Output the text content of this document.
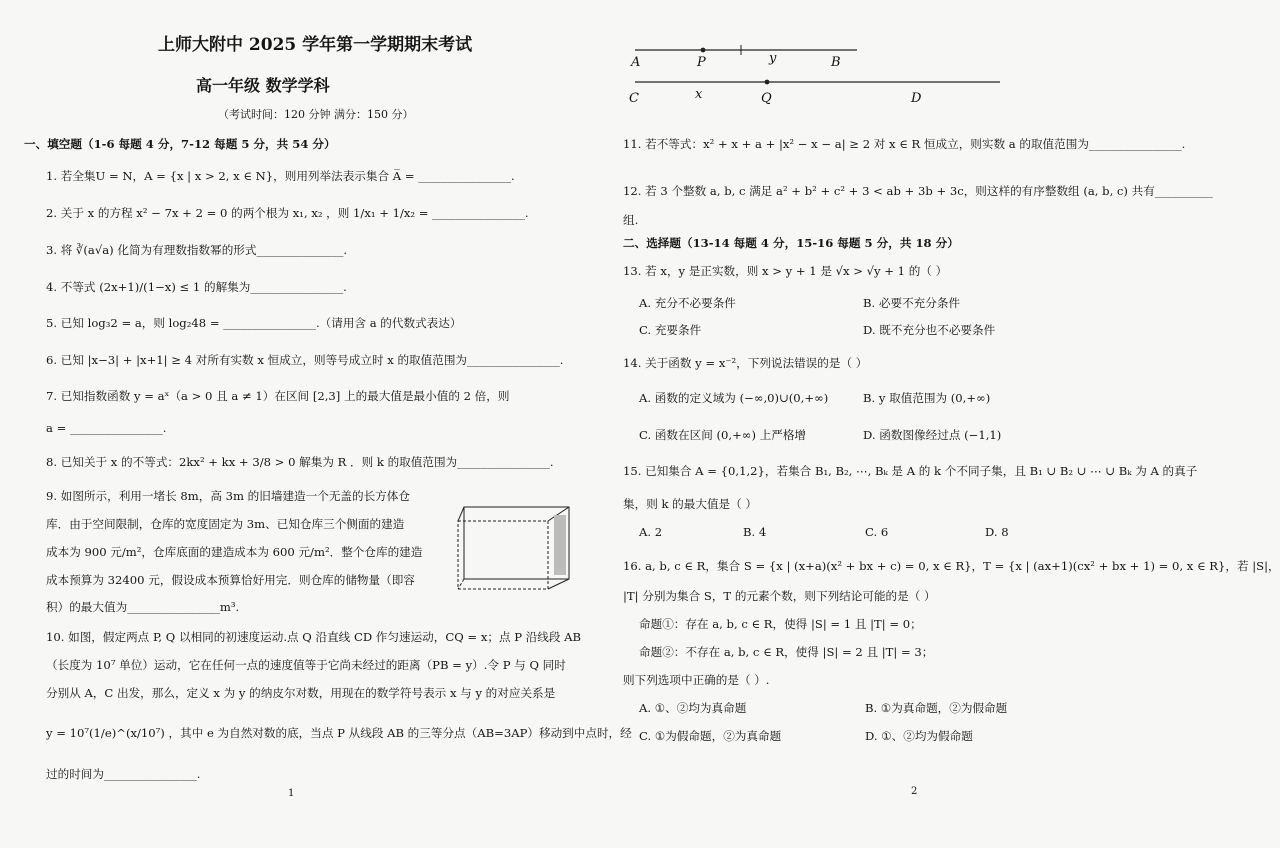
上师大附中 2025 学年第一学期期末考试
高一年级 数学学科
（考试时间：120 分钟 满分：150 分）
一、填空题（1-6 每题 4 分，7-12 每题 5 分，共 54 分）
1. 若全集U = N，A = {x | x > 2, x ∈ N}，则用列举法表示集合 A̅ = ________________.
2. 关于 x 的方程 x² − 7x + 2 = 0 的两个根为 x₁, x₂ ，则 1/x₁ + 1/x₂ = ________________.
3. 将 ∛(a√a) 化简为有理数指数幂的形式_______________.
4. 不等式 (2x+1)/(1−x) ≤ 1 的解集为________________.
5. 已知 log₃2 = a，则 log₂48 = ________________.（请用含 a 的代数式表达）
6. 已知 |x−3| + |x+1| ≥ 4 对所有实数 x 恒成立，则等号成立时 x 的取值范围为________________.
7. 已知指数函数 y = aˣ（a > 0 且 a ≠ 1）在区间 [2,3] 上的最大值是最小值的 2 倍，则
a = ________________.
8. 已知关于 x 的不等式：2kx² + kx + 3/8 > 0 解集为 R ．则 k 的取值范围为________________.
9. 如图所示，利用一堵长 8m，高 3m 的旧墙建造一个无盖的长方体仓
库．由于空间限制，仓库的宽度固定为 3m、已知仓库三个侧面的建造
成本为 900 元/m²，仓库底面的建造成本为 600 元/m²．整个仓库的建造
成本预算为 32400 元，假设成本预算恰好用完．则仓库的储物量（即容
积）的最大值为________________m³.
10. 如图，假定两点 P, Q 以相同的初速度运动.点 Q 沿直线 CD 作匀速运动，CQ = x；点 P 沿线段 AB
（长度为 10⁷ 单位）运动，它在任何一点的速度值等于它尚未经过的距离（PB = y）.令 P 与 Q 同时
分别从 A，C 出发，那么，定义 x 为 y 的纳皮尔对数，用现在的数学符号表示 x 与 y 的对应关系是
y = 10⁷(1/e)^(x/10⁷) ，其中 e 为自然对数的底，当点 P 从线段 AB 的三等分点（AB=3AP）移动到中点时，经
过的时间为________________.
1
A	P	y	B
C	x	Q	D
11. 若不等式：x² + x + a + |x² − x − a| ≥ 2 对 x ∈ R 恒成立，则实数 a 的取值范围为________________.
12. 若 3 个整数 a, b, c 满足 a² + b² + c² + 3 < ab + 3b + 3c，则这样的有序整数组 (a, b, c) 共有__________
组.
二、选择题（13-14 每题 4 分，15-16 每题 5 分，共 18 分）
13. 若 x，y 是正实数，则 x > y + 1 是 √x > √y + 1 的（ ）
A. 充分不必要条件	B. 必要不充分条件
C. 充要条件	D. 既不充分也不必要条件
14. 关于函数 y = x⁻²，下列说法错误的是（ ）
A. 函数的定义域为 (−∞,0)∪(0,+∞)	B. y 取值范围为 (0,+∞)
C. 函数在区间 (0,+∞) 上严格增	D. 函数图像经过点 (−1,1)
15. 已知集合 A = {0,1,2}，若集合 B₁, B₂, ⋯, Bₖ 是 A 的 k 个不同子集，且 B₁ ∪ B₂ ∪ ⋯ ∪ Bₖ 为 A 的真子
集，则 k 的最大值是（ ）
A. 2	B. 4	C. 6	D. 8
16. a, b, c ∈ R，集合 S = {x | (x+a)(x² + bx + c) = 0, x ∈ R}，T = {x | (ax+1)(cx² + bx + 1) = 0, x ∈ R}，若 |S|，
|T| 分别为集合 S，T 的元素个数，则下列结论可能的是（ ）
命题①：存在 a, b, c ∈ R，使得 |S| = 1 且 |T| = 0；
命题②：不存在 a, b, c ∈ R，使得 |S| = 2 且 |T| = 3；
则下列选项中正确的是（ ）.
A. ①、②均为真命题	B. ①为真命题，②为假命题
C. ①为假命题，②为真命题	D. ①、②均为假命题
2
